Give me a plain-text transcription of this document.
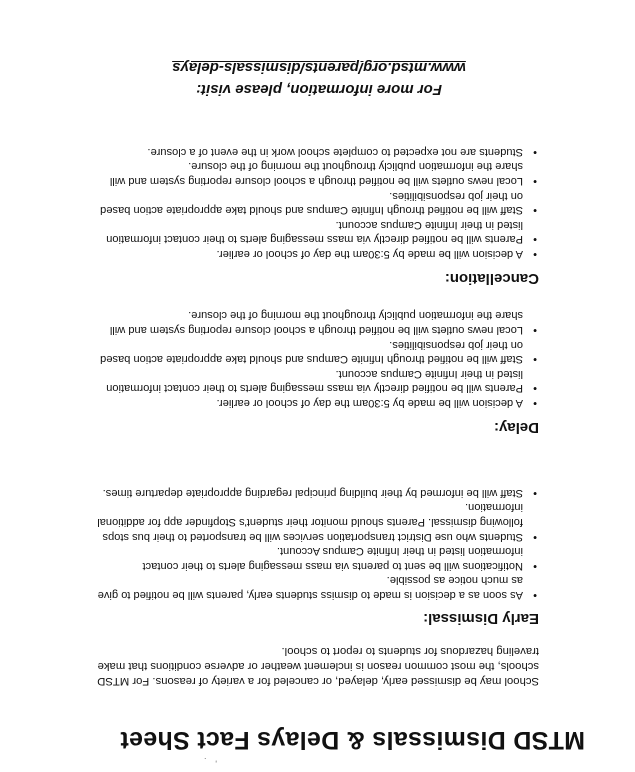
' ·
MTSD Dismissals & Delays Fact Sheet
School may be dismissed early, delayed, or canceled for a variety of reasons. For MTSD schools, the most common reason is inclement weather or adverse conditions that make traveling hazardous for students to report to school.
Early Dismissal:
• As soon as a decision is made to dismiss students early, parents will be notified to give as much notice as possible.
• Notifications will be sent to parents via mass messaging alerts to their contact information listed in their Infinite Campus Account.
• Students who use District transportation services will be transported to their bus stops following dismissal. Parents should monitor their student's Stopfinder app for additional information.
• Staff will be informed by their building principal regarding appropriate departure times.
Delay:
• A decision will be made by 5:30am the day of school or earlier.
• Parents will be notified directly via mass messaging alerts to their contact information listed in their Infinite Campus account.
• Staff will be notified through Infinite Campus and should take appropriate action based on their job responsibilities.
• Local news outlets will be notified through a school closure reporting system and will share the information publicly throughout the morning of the closure.
Cancellation:
• A decision will be made by 5:30am the day of school or earlier.
• Parents will be notified directly via mass messaging alerts to their contact information listed in their Infinite Campus account.
• Staff will be notified through Infinite Campus and should take appropriate action based on their job responsibilities.
• Local news outlets will be notified through a school closure reporting system and will share the information publicly throughout the morning of the closure.
• Students are not expected to complete school work in the event of a closure.
For more information, please visit:
www.mtsd.org/parents/dismissals-delays
